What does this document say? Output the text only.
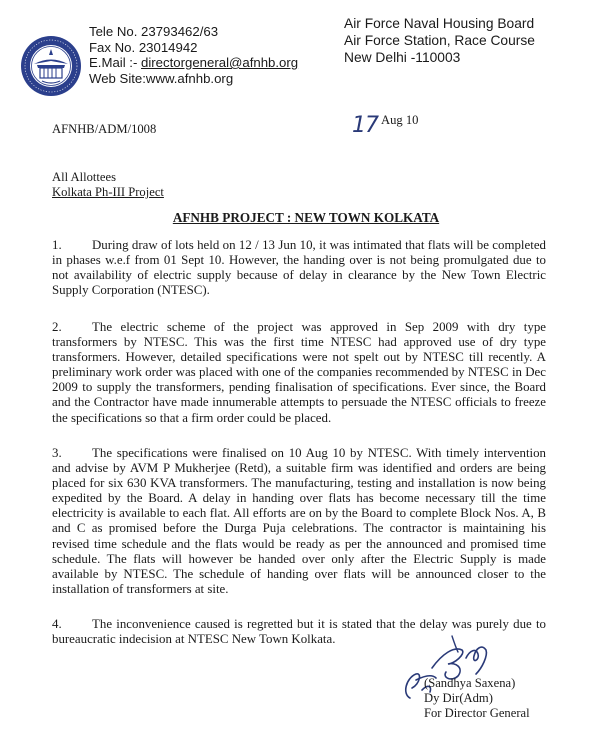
Tele No. 23793462/63
Fax No. 23014942
E.Mail :- directorgeneral@afnhb.org
Web Site:www.afnhb.org
Air Force Naval Housing Board
Air Force Station, Race Course
New Delhi -110003
AFNHB/ADM/1008	17 Aug 10
All Allottees
Kolkata Ph-III Project
AFNHB PROJECT : NEW TOWN KOLKATA
1. During draw of lots held on 12 / 13 Jun 10, it was intimated that flats will be completed in phases w.e.f from 01 Sept 10. However, the handing over is not being promulgated due to not availability of electric supply because of delay in clearance by the New Town Electric Supply Corporation (NTESC).
2. The electric scheme of the project was approved in Sep 2009 with dry type transformers by NTESC. This was the first time NTESC had approved use of dry type transformers. However, detailed specifications were not spelt out by NTESC till recently. A preliminary work order was placed with one of the companies recommended by NTESC in Dec 2009 to supply the transformers, pending finalisation of specifications. Ever since, the Board and the Contractor have made innumerable attempts to persuade the NTESC officials to freeze the specifications so that a firm order could be placed.
3. The specifications were finalised on 10 Aug 10 by NTESC. With timely intervention and advise by AVM P Mukherjee (Retd), a suitable firm was identified and orders are being placed for six 630 KVA transformers. The manufacturing, testing and installation is now being expedited by the Board. A delay in handing over flats has become necessary till the time electricity is available to each flat. All efforts are on by the Board to complete Block Nos. A, B and C as promised before the Durga Puja celebrations. The contractor is maintaining his revised time schedule and the flats would be ready as per the announced and promised time schedule. The flats will however be handed over only after the Electric Supply is made available by NTESC. The schedule of handing over flats will be announced closer to the installation of transformers at site.
4. The inconvenience caused is regretted but it is stated that the delay was purely due to bureaucratic indecision at NTESC New Town Kolkata.
(Sandhya Saxena)
Dy Dir(Adm)
For Director General
